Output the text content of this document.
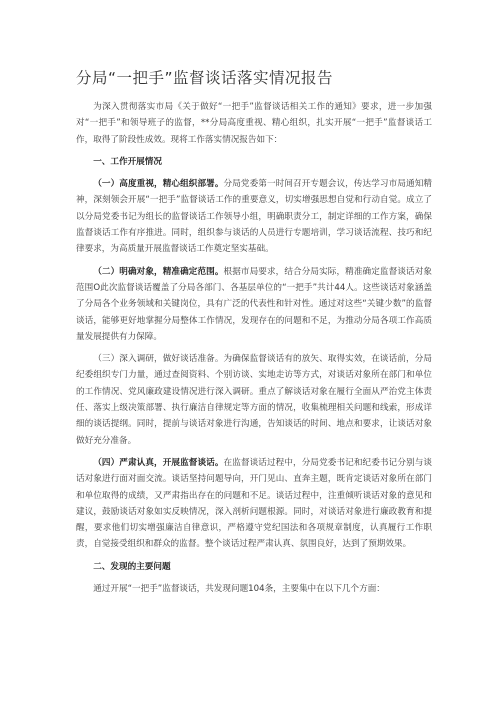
分局“一把手”监督谈话落实情况报告

为深入贯彻落实市局《关于做好“一把手”监督谈话相关工作的通知》要求，进一步加强对“一把手”和领导班子的监督，**分局高度重视、精心组织，扎实开展“一把手”监督谈话工作，取得了阶段性成效。现将工作落实情况报告如下：

一、工作开展情况

（一）高度重视，精心组织部署。分局党委第一时间召开专题会议，传达学习市局通知精神，深刻领会开展“一把手”监督谈话工作的重要意义，切实增强思想自觉和行动自觉。成立了以分局党委书记为组长的监督谈话工作领导小组，明确职责分工，制定详细的工作方案，确保监督谈话工作有序推进。同时，组织参与谈话的人员进行专题培训，学习谈话流程、技巧和纪律要求，为高质量开展监督谈话工作奠定坚实基础。

（二）明确对象，精准确定范围。根据市局要求，结合分局实际，精准确定监督谈话对象范围O此次监督谈话覆盖了分局各部门、各基层单位的“一把手”共计44人。这些谈话对象涵盖了分局各个业务领域和关键岗位，具有广泛的代表性和针对性。通过对这些“关键少数”的监督谈话，能够更好地掌握分局整体工作情况，发现存在的问题和不足，为推动分局各项工作高质量发展提供有力保障。

（三）深入调研，做好谈话准备。为确保监督谈话有的放矢、取得实效，在谈话前，分局纪委组织专门力量，通过查阅资料、个别访谈、实地走访等方式，对谈话对象所在部门和单位的工作情况、党风廉政建设情况进行深入调研。重点了解谈话对象在履行全面从严治党主体责任、落实上级决策部署、执行廉洁自律规定等方面的情况，收集梳理相关问题和线索，形成详细的谈话提纲。同时，提前与谈话对象进行沟通，告知谈话的时间、地点和要求，让谈话对象做好充分准备。

（四）严肃认真，开展监督谈话。在监督谈话过程中，分局党委书记和纪委书记分别与谈话对象进行面对面交流。谈话坚持问题导向，开门见山、直奔主题，既肯定谈话对象所在部门和单位取得的成绩，又严肃指出存在的问题和不足。谈话过程中，注重倾听谈话对象的意见和建议，鼓励谈话对象如实反映情况，深入剖析问题根源。同时，对谈话对象进行廉政教育和提醒，要求他们切实增强廉洁自律意识，严格遵守党纪国法和各项规章制度，认真履行工作职责，自觉接受组织和群众的监督。整个谈话过程严肃认真、氛围良好，达到了预期效果。

二、发现的主要问题

通过开展“一把手”监督谈话，共发现问题104条，主要集中在以下几个方面：
